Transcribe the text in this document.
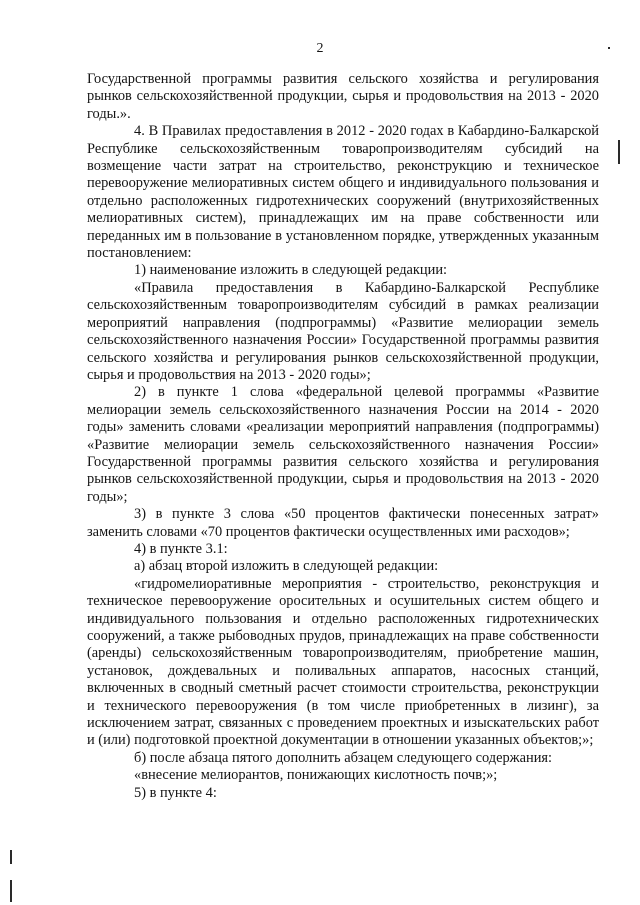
2

Государственной программы развития сельского хозяйства и регулирования рынков сельскохозяйственной продукции, сырья и продовольствия на 2013 - 2020 годы.».

4. В Правилах предоставления в 2012 - 2020 годах в Кабардино-Балкарской Республике сельскохозяйственным товаропроизводителям субсидий на возмещение части затрат на строительство, реконструкцию и техническое перевооружение мелиоративных систем общего и индивидуального пользования и отдельно расположенных гидротехнических сооружений (внутрихозяйственных мелиоративных систем), принадлежащих им на праве собственности или переданных им в пользование в установленном порядке, утвержденных указанным постановлением:

1) наименование изложить в следующей редакции:

«Правила предоставления в Кабардино-Балкарской Республике сельскохозяйственным товаропроизводителям субсидий в рамках реализации мероприятий направления (подпрограммы) «Развитие мелиорации земель сельскохозяйственного назначения России» Государственной программы развития сельского хозяйства и регулирования рынков сельскохозяйственной продукции, сырья и продовольствия на 2013 - 2020 годы»;

2) в пункте 1 слова «федеральной целевой программы «Развитие мелиорации земель сельскохозяйственного назначения России на 2014 - 2020 годы» заменить словами «реализации мероприятий направления (подпрограммы) «Развитие мелиорации земель сельскохозяйственного назначения России» Государственной программы развития сельского хозяйства и регулирования рынков сельскохозяйственной продукции, сырья и продовольствия на 2013 - 2020 годы»;

3) в пункте 3 слова «50 процентов фактически понесенных затрат» заменить словами «70 процентов фактически осуществленных ими расходов»;

4) в пункте 3.1:

а) абзац второй изложить в следующей редакции:

«гидромелиоративные мероприятия - строительство, реконструкция и техническое перевооружение оросительных и осушительных систем общего и индивидуального пользования и отдельно расположенных гидротехнических сооружений, а также рыбоводных прудов, принадлежащих на праве собственности (аренды) сельскохозяйственным товаропроизводителям, приобретение машин, установок, дождевальных и поливальных аппаратов, насосных станций, включенных в сводный сметный расчет стоимости строительства, реконструкции и технического перевооружения (в том числе приобретенных в лизинг), за исключением затрат, связанных с проведением проектных и изыскательских работ и (или) подготовкой проектной документации в отношении указанных объектов;»;

б) после абзаца пятого дополнить абзацем следующего содержания:

«внесение мелиорантов, понижающих кислотность почв;»;

5) в пункте 4:
